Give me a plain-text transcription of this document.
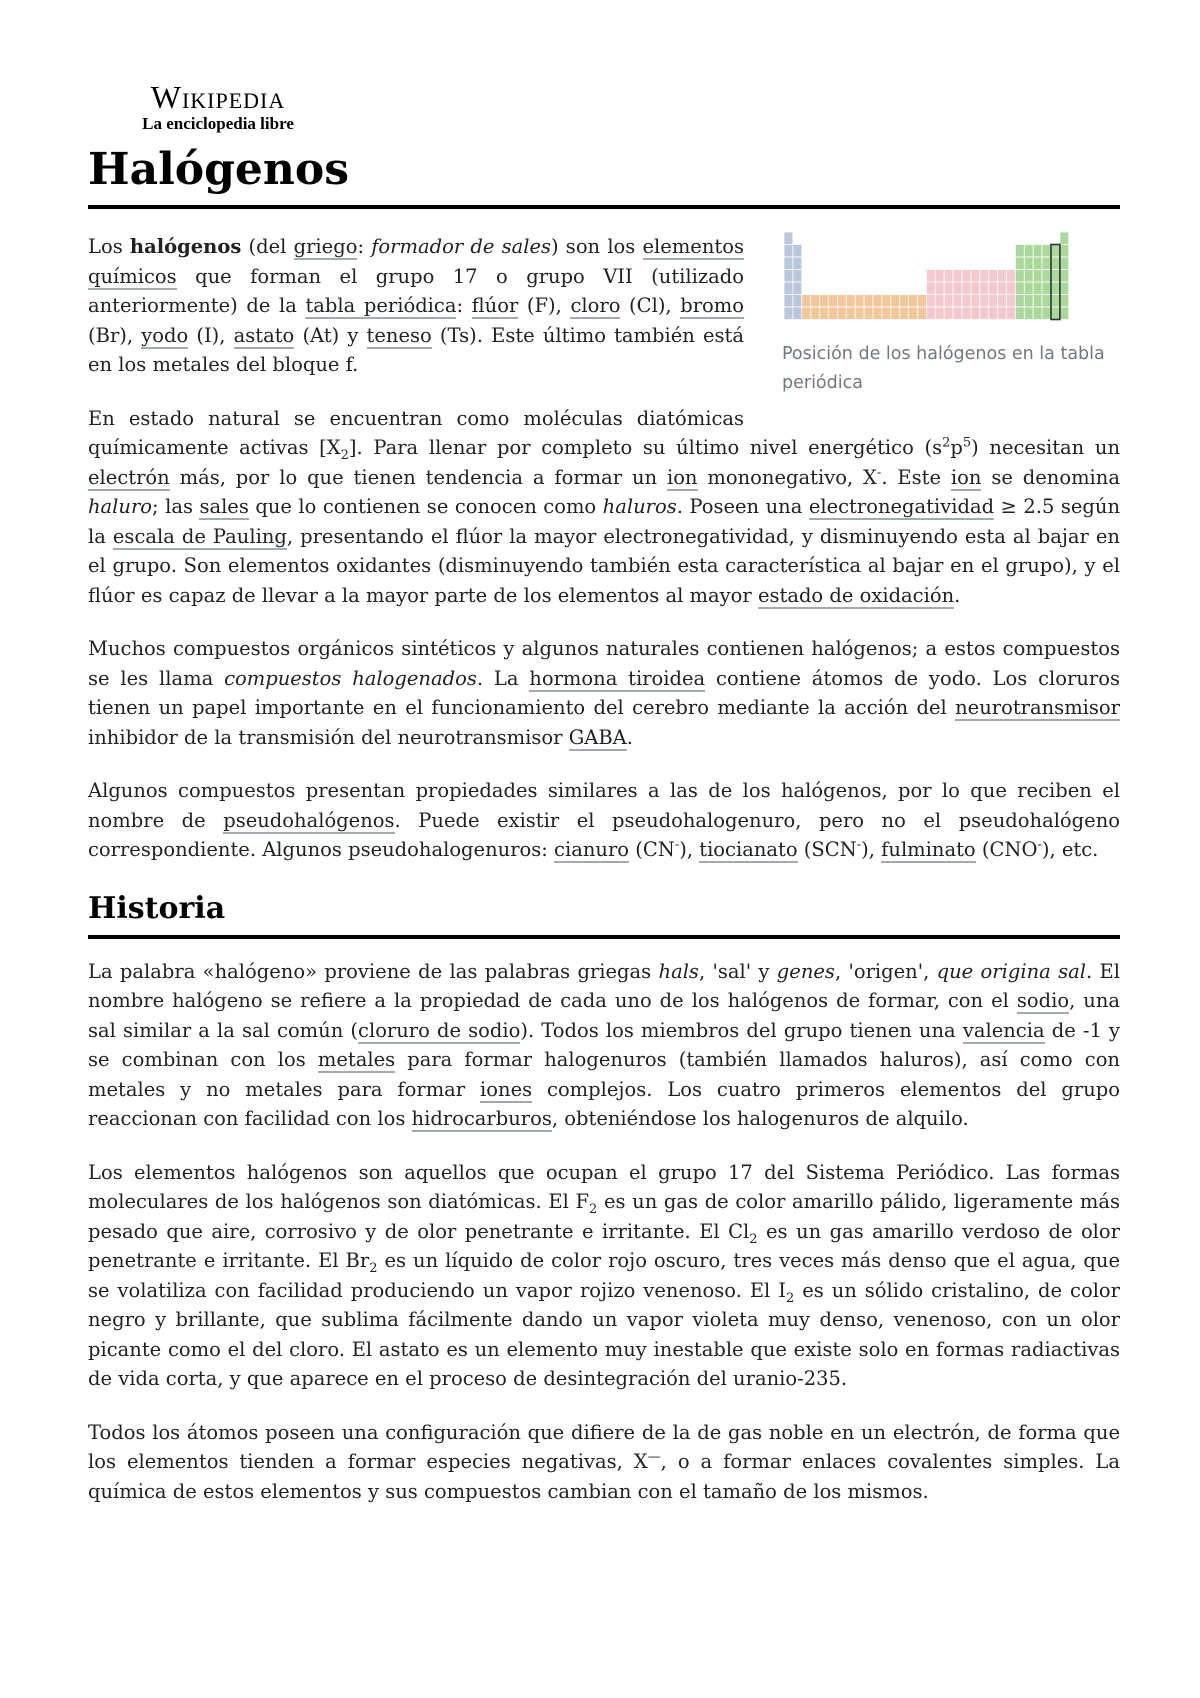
Wikipedia
La enciclopedia libre
Halógenos
Posición de los halógenos en la tabla periódica

Los halógenos (del griego: formador de sales) son los elementos químicos que forman el grupo 17 o grupo VII (utilizado anteriormente) de la tabla periódica: flúor (F), cloro (Cl), bromo (Br), yodo (I), astato (At) y teneso (Ts). Este último también está en los metales del bloque f.

En estado natural se encuentran como moléculas diatómicas químicamente activas $[X_2]$. Para llenar por completo su último nivel energético $(s^2p^5)$ necesitan un electrón más, por lo que tienen tendencia a formar un ion mononegativo, X-. Este ion se denomina haluro; las sales que lo contienen se conocen como haluros. Poseen una electronegatividad ≥ 2.5 según la escala de Pauling, presentando el flúor la mayor electronegatividad, y disminuyendo esta al bajar en el grupo. Son elementos oxidantes (disminuyendo también esta característica al bajar en el grupo), y el flúor es capaz de llevar a la mayor parte de los elementos al mayor estado de oxidación.

Muchos compuestos orgánicos sintéticos y algunos naturales contienen halógenos; a estos compuestos se les llama compuestos halogenados. La hormona tiroidea contiene átomos de yodo. Los cloruros tienen un papel importante en el funcionamiento del cerebro mediante la acción del neurotransmisor inhibidor de la transmisión del neurotransmisor GABA.

Algunos compuestos presentan propiedades similares a las de los halógenos, por lo que reciben el nombre de pseudohalógenos. Puede existir el pseudohalogenuro, pero no el pseudohalógeno correspondiente. Algunos pseudohalogenuros: cianuro (CN-), tiocianato (SCN-), fulminato (CNO-), etc.

Historia

La palabra «halógeno» proviene de las palabras griegas hals, 'sal' y genes, 'origen', que origina sal. El nombre halógeno se refiere a la propiedad de cada uno de los halógenos de formar, con el sodio, una sal similar a la sal común (cloruro de sodio). Todos los miembros del grupo tienen una valencia de -1 y se combinan con los metales para formar halogenuros (también llamados haluros), así como con metales y no metales para formar iones complejos. Los cuatro primeros elementos del grupo reaccionan con facilidad con los hidrocarburos, obteniéndose los halogenuros de alquilo.

Los elementos halógenos son aquellos que ocupan el grupo 17 del Sistema Periódico. Las formas moleculares de los halógenos son diatómicas. El $F_2$ es un gas de color amarillo pálido, ligeramente más pesado que aire, corrosivo y de olor penetrante e irritante. El $Cl_2$ es un gas amarillo verdoso de olor penetrante e irritante. El $Br_2$ es un líquido de color rojo oscuro, tres veces más denso que el agua, que se volatiliza con facilidad produciendo un vapor rojizo venenoso. El $I_2$ es un sólido cristalino, de color negro y brillante, que sublima fácilmente dando un vapor violeta muy denso, venenoso, con un olor picante como el del cloro. El astato es un elemento muy inestable que existe solo en formas radiactivas de vida corta, y que aparece en el proceso de desintegración del uranio-235.

Todos los átomos poseen una configuración que difiere de la de gas noble en un electrón, de forma que los elementos tienden a formar especies negativas, X—, o a formar enlaces covalentes simples. La química de estos elementos y sus compuestos cambian con el tamaño de los mismos.
